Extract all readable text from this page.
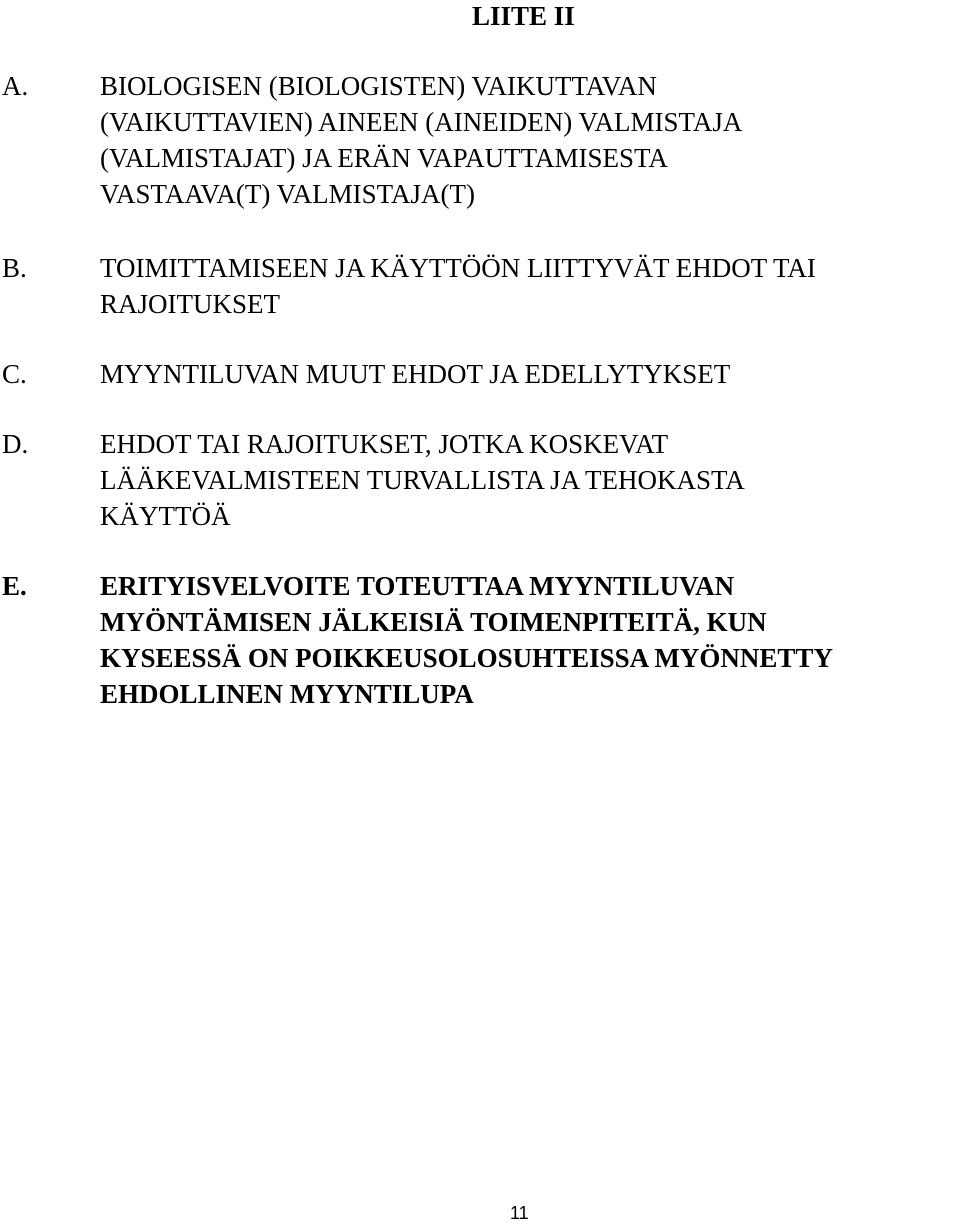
LIITE II
A.	BIOLOGISEN (BIOLOGISTEN) VAIKUTTAVAN
(VAIKUTTAVIEN) AINEEN (AINEIDEN) VALMISTAJA
(VALMISTAJAT) JA ERÄN VAPAUTTAMISESTA
VASTAAVA(T) VALMISTAJA(T)
B.	TOIMITTAMISEEN JA KÄYTTÖÖN LIITTYVÄT EHDOT TAI
RAJOITUKSET
C.	MYYNTILUVAN MUUT EHDOT JA EDELLYTYKSET
D.	EHDOT TAI RAJOITUKSET, JOTKA KOSKEVAT
LÄÄKEVALMISTEEN TURVALLISTA JA TEHOKASTA
KÄYTTÖÄ
E.	ERITYISVELVOITE TOTEUTTAA MYYNTILUVAN
MYÖNTÄMISEN JÄLKEISIÄ TOIMENPITEITÄ, KUN
KYSEESSÄ ON POIKKEUSOLOSUHTEISSA MYÖNNETTY
EHDOLLINEN MYYNTILUPA
11
